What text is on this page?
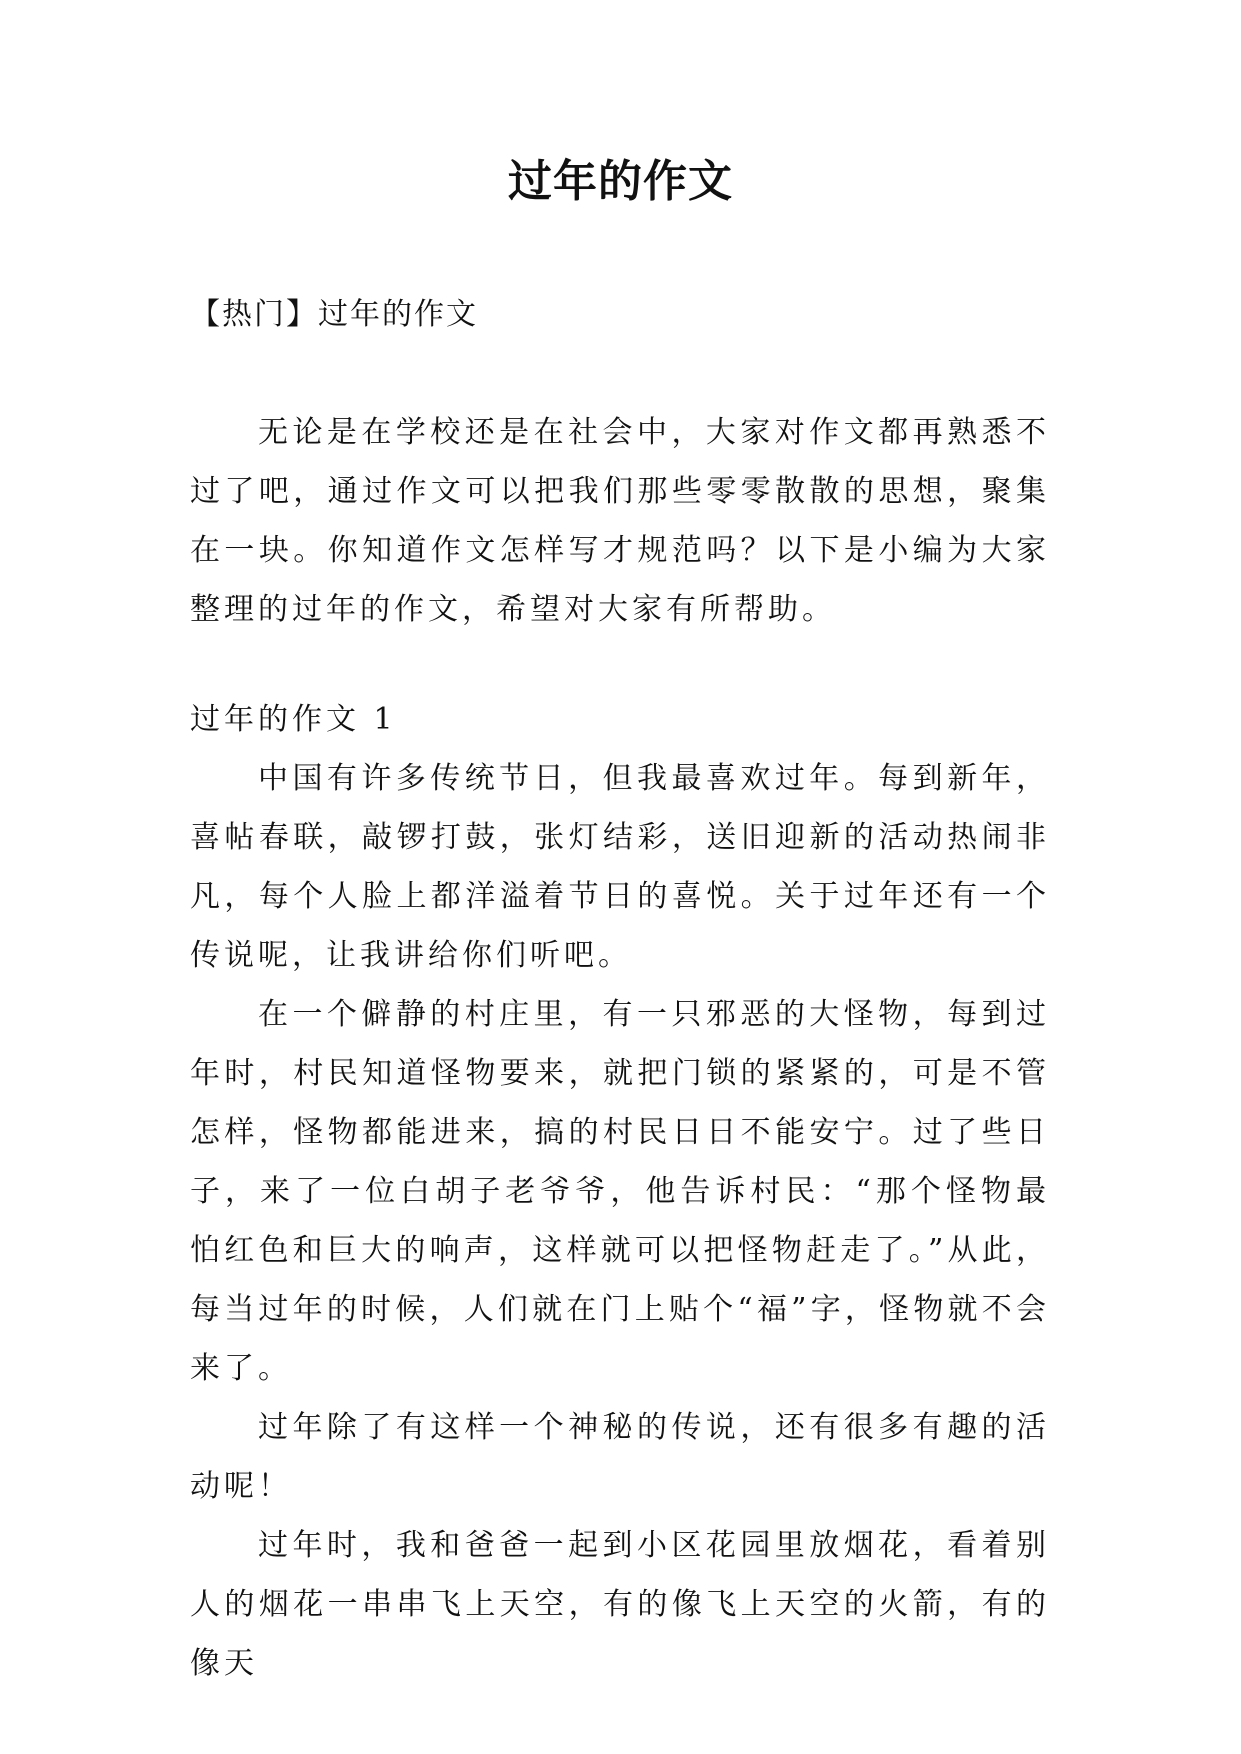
过年的作文

【热门】过年的作文

无论是在学校还是在社会中，大家对作文都再熟悉不过了吧，通过作文可以把我们那些零零散散的思想，聚集在一块。你知道作文怎样写才规范吗？以下是小编为大家整理的过年的作文，希望对大家有所帮助。

过年的作文 1

中国有许多传统节日，但我最喜欢过年。每到新年，喜帖春联，敲锣打鼓，张灯结彩，送旧迎新的活动热闹非凡，每个人脸上都洋溢着节日的喜悦。关于过年还有一个传说呢，让我讲给你们听吧。

在一个僻静的村庄里，有一只邪恶的大怪物，每到过年时，村民知道怪物要来，就把门锁的紧紧的，可是不管怎样，怪物都能进来，搞的村民日日不能安宁。过了些日子，来了一位白胡子老爷爷，他告诉村民：“那个怪物最怕红色和巨大的响声，这样就可以把怪物赶走了。”从此，每当过年的时候，人们就在门上贴个“福”字，怪物就不会来了。

过年除了有这样一个神秘的传说，还有很多有趣的活动呢！

过年时，我和爸爸一起到小区花园里放烟花，看着别人的烟花一串串飞上天空，有的像飞上天空的火箭，有的像天
